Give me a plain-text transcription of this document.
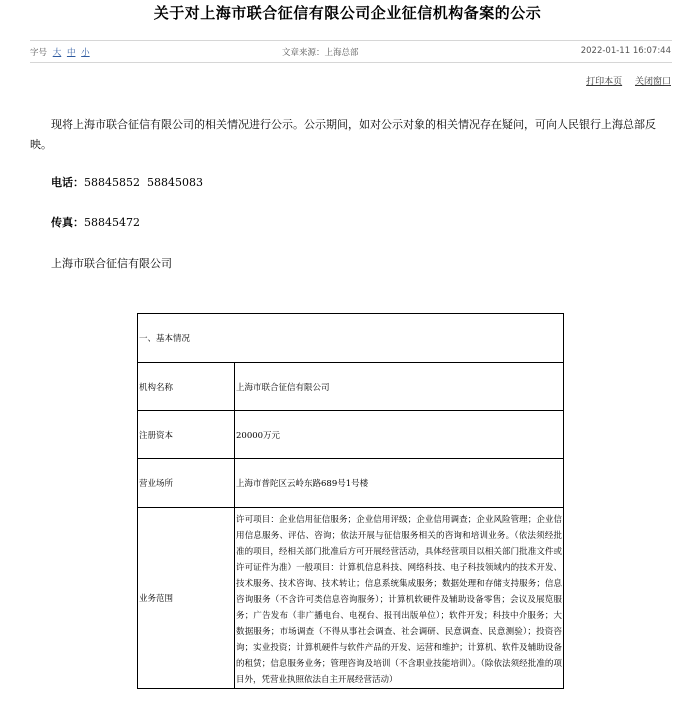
关于对上海市联合征信有限公司企业征信机构备案的公示
字号 大 中 小	文章来源：上海总部	2022-01-11 16:07:44
打印本页 关闭窗口
现将上海市联合征信有限公司的相关情况进行公示。公示期间，如对公示对象的相关情况存在疑问，可向人民银行上海总部反映。
电话：58845852  58845083
传真：58845472
上海市联合征信有限公司
一、基本情况	
机构名称	上海市联合征信有限公司
注册资本	20000万元
营业场所	上海市普陀区云岭东路689号1号楼
业务范围	许可项目：企业信用征信服务；企业信用评级；企业信用调查；企业风险管理；企业信用信息服务、评估、咨询；依法开展与征信服务相关的咨询和培训业务。（依法须经批准的项目，经相关部门批准后方可开展经营活动，具体经营项目以相关部门批准文件或许可证件为准）一般项目：计算机信息科技、网络科技、电子科技领域内的技术开发、技术服务、技术咨询、技术转让；信息系统集成服务；数据处理和存储支持服务；信息咨询服务（不含许可类信息咨询服务）；计算机软硬件及辅助设备零售；会议及展览服务；广告发布（非广播电台、电视台、报刊出版单位）；软件开发；科技中介服务；大数据服务；市场调查（不得从事社会调查、社会调研、民意调查、民意测验）；投资咨询；实业投资；计算机硬件与软件产品的开发、运营和维护；计算机、软件及辅助设备的租赁；信息服务业务；管理咨询及培训（不含职业技能培训）。（除依法须经批准的项目外，凭营业执照依法自主开展经营活动）
